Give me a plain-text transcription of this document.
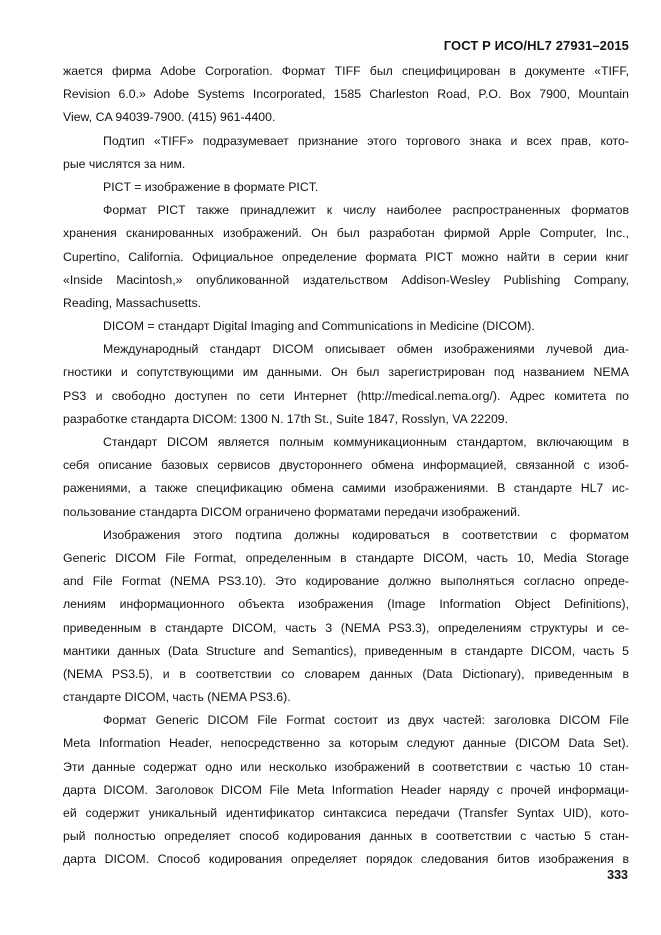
ГОСТ Р ИСО/HL7 27931–2015
жается фирма Adobe Corporation. Формат TIFF был специфицирован в документе «TIFF,
Revision 6.0.» Adobe Systems Incorporated, 1585 Charleston Road, P.O. Box 7900, Mountain
View, CA 94039-7900. (415) 961-4400.
Подтип «TIFF» подразумевает признание этого торгового знака и всех прав, кото-
рые числятся за ним.
PICT = изображение в формате PICT.
Формат PICT также принадлежит к числу наиболее распространенных форматов
хранения сканированных изображений. Он был разработан фирмой Apple Computer, Inc.,
Cupertino, California. Официальное определение формата PICT можно найти в серии книг
«Inside Macintosh,» опубликованной издательством Addison-Wesley Publishing Company,
Reading, Massachusetts.
DICOM = стандарт Digital Imaging and Communications in Medicine (DICOM).
Международный стандарт DICOM описывает обмен изображениями лучевой диа-
гностики и сопутствующими им данными. Он был зарегистрирован под названием NEMA
PS3 и свободно доступен по сети Интернет (http://medical.nema.org/). Адрес комитета по
разработке стандарта DICOM: 1300 N. 17th St., Suite 1847, Rosslyn, VA 22209.
Стандарт DICOM является полным коммуникационным стандартом, включающим в
себя описание базовых сервисов двустороннего обмена информацией, связанной с изоб-
ражениями, а также спецификацию обмена самими изображениями. В стандарте HL7 ис-
пользование стандарта DICOM ограничено форматами передачи изображений.
Изображения этого подтипа должны кодироваться в соответствии с форматом
Generic DICOM File Format, определенным в стандарте DICOM, часть 10, Media Storage
and File Format (NEMA PS3.10). Это кодирование должно выполняться согласно опреде-
лениям информационного объекта изображения (Image Information Object Definitions),
приведенным в стандарте DICOM, часть 3 (NEMA PS3.3), определениям структуры и се-
мантики данных (Data Structure and Semantics), приведенным в стандарте DICOM, часть 5
(NEMA PS3.5), и в соответствии со словарем данных (Data Dictionary), приведенным в
стандарте DICOM, часть (NEMA PS3.6).
Формат Generic DICOM File Format состоит из двух частей: заголовка DICOM File
Meta Information Header, непосредственно за которым следуют данные (DICOM Data Set).
Эти данные содержат одно или несколько изображений в соответствии с частью 10 стан-
дарта DICOM. Заголовок DICOM File Meta Information Header наряду с прочей информаци-
ей содержит уникальный идентификатор синтаксиса передачи (Transfer Syntax UID), кото-
рый полностью определяет способ кодирования данных в соответствии с частью 5 стан-
дарта DICOM. Способ кодирования определяет порядок следования битов изображения в
333
